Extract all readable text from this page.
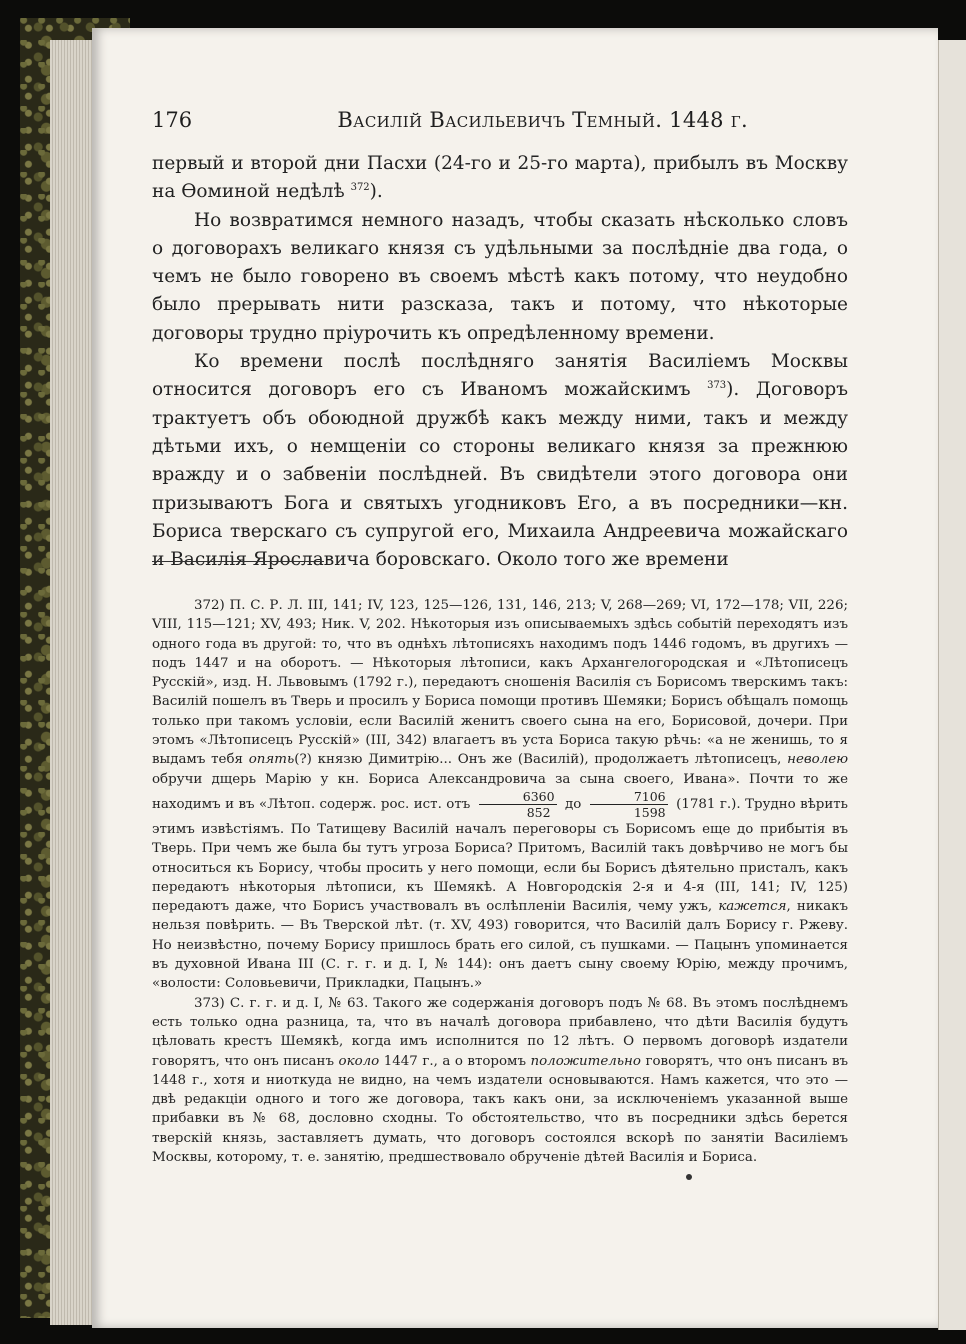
176	Василій Васильевичъ Темный. 1448 г.

первый и второй дни Пасхи (24-го и 25-го марта), прибылъ въ Москву на Ѳоминой недѣлѣ $^{372}$).

Но возвратимся немного назадъ, чтобы сказать нѣсколько словъ о договорахъ великаго князя съ удѣльными за послѣдніе два года, о чемъ не было говорено въ своемъ мѣстѣ какъ потому, что неудобно было прерывать нити разсказа, такъ и потому, что нѣкоторые договоры трудно пріурочить къ опредѣленному времени.

Ко времени послѣ послѣдняго занятія Василіемъ Москвы относится договоръ его съ Иваномъ можайскимъ $^{373}$). Договоръ трактуетъ объ обоюдной дружбѣ какъ между ними, такъ и между дѣтьми ихъ, о немщеніи со стороны великаго князя за прежнюю вражду и о забвеніи послѣдней. Въ свидѣтели этого договора они призываютъ Бога и святыхъ угодниковъ Его, а въ посредники—кн. Бориса тверскаго съ супругой его, Михаила Андреевича можайскаго и Василія Ярославича боровскаго. Около того же времени

372) П. С. Р. Л. III, 141; IV, 123, 125—126, 131, 146, 213; V, 268—269; VI, 172—178; VII, 226; VIII, 115—121; XV, 493; Ник. V, 202. Нѣкоторыя изъ описываемыхъ здѣсь событій переходятъ изъ одного года въ другой: то, что въ однѣхъ лѣтописяхъ находимъ подъ 1446 годомъ, въ другихъ — подъ 1447 и на оборотъ. — Нѣкоторыя лѣтописи, какъ Архангелогородская и «Лѣтописецъ Русскій», изд. Н. Львовымъ (1792 г.), передаютъ сношенія Василія съ Борисомъ тверскимъ такъ: Василій пошелъ въ Тверь и просилъ у Бориса помощи противъ Шемяки; Борисъ обѣщалъ помощь только при такомъ условіи, если Василій женитъ своего сына на его, Борисовой, дочери. При этомъ «Лѣтописецъ Русскій» (III, 342) влагаетъ въ уста Бориса такую рѣчь: «а не женишь, то я выдамъ тебя опять(?) князю Димитрію... Онъ же (Василій), продолжаетъ лѣтописецъ, неволею обручи дщерь Марію у кн. Бориса Александровича за сына своего, Ивана». Почти то же находимъ и въ «Лѣтоп. содерж. рос. ист. отъ $\frac{6360}{852}$ до $\frac{7106}{1598} (1781$ г.). Трудно вѣрить этимъ извѣстіямъ. По Татищеву Василій началъ переговоры съ Борисомъ еще до прибытія въ Тверь. При чемъ же была бы тутъ угроза Бориса? Притомъ, Василій такъ довѣрчиво не могъ бы относиться къ Борису, чтобы просить у него помощи, если бы Борисъ дѣятельно присталъ, какъ передаютъ нѣкоторыя лѣтописи, къ Шемякѣ. А Новгородскія 2-я и 4-я (III, 141; IV, 125) передаютъ даже, что Борисъ участвовалъ въ ослѣпленіи Василія, чему ужъ, кажется, никакъ нельзя повѣрить. — Въ Тверской лѣт. (т. XV, 493) говорится, что Василій далъ Борису г. Ржеву. Но неизвѣстно, почему Борису пришлось брать его силой, съ пушками. — Пацынъ упоминается въ духовной Ивана III (С. г. г. и д. I, № 144): онъ даетъ сыну своему Юрію, между прочимъ, «волости: Соловьевичи, Прикладки, Пацынъ.»

373) С. г. г. и д. I, № 63. Такого же содержанія договоръ подъ № 68. Въ этомъ послѣднемъ есть только одна разница, та, что въ началѣ договора прибавлено, что дѣти Василія будутъ цѣловать крестъ Шемякѣ, когда имъ исполнится по 12 лѣтъ. О первомъ договорѣ издатели говорятъ, что онъ писанъ около 1447 г., а о второмъ положительно говорятъ, что онъ писанъ въ 1448 г., хотя и ниоткуда не видно, на чемъ издатели основываются. Намъ кажется, что это — двѣ редакціи одного и того же договора, такъ какъ они, за исключеніемъ указанной выше прибавки въ № 68, дословно сходны. То обстоятельство, что въ посредники здѣсь берется тверскій князь, заставляетъ думать, что договоръ состоялся вскорѣ по занятіи Василіемъ Москвы, которому, т. е. занятію, предшествовало обрученіе дѣтей Василія и Бориса.
